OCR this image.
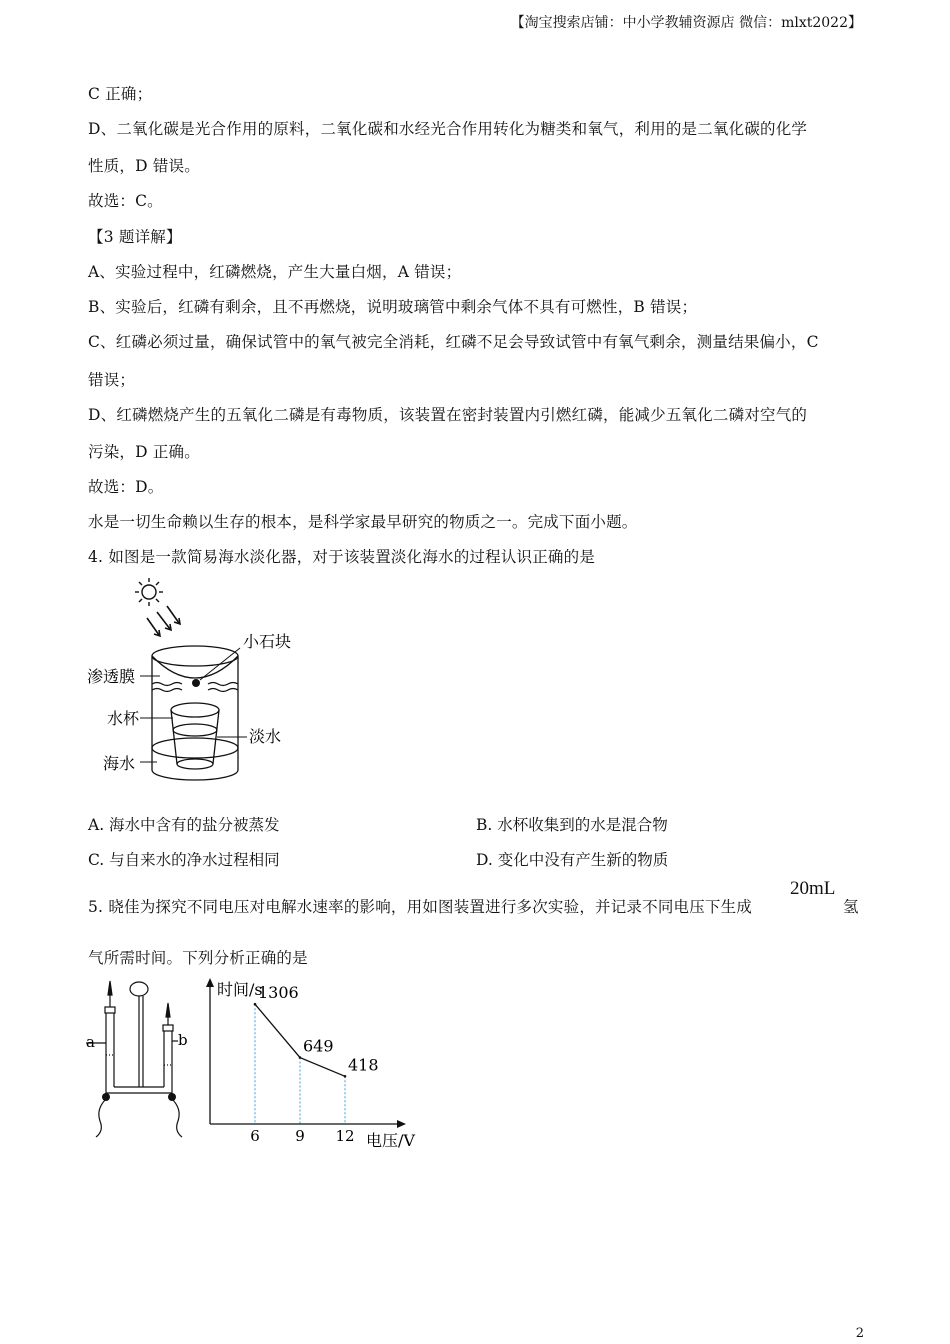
【淘宝搜索店铺：中小学教辅资源店 微信：mlxt2022】
C 正确；
D、二氧化碳是光合作用的原料，二氧化碳和水经光合作用转化为糖类和氧气，利用的是二氧化碳的化学
性质，D 错误。
故选：C。
【3 题详解】
A、实验过程中，红磷燃烧，产生大量白烟，A 错误；
B、实验后，红磷有剩余，且不再燃烧，说明玻璃管中剩余气体不具有可燃性，B 错误；
C、红磷必须过量，确保试管中的氧气被完全消耗，红磷不足会导致试管中有氧气剩余，测量结果偏小，C
错误；
D、红磷燃烧产生的五氧化二磷是有毒物质，该装置在密封装置内引燃红磷，能减少五氧化二磷对空气的
污染，D 正确。
故选：D。
水是一切生命赖以生存的根本，是科学家最早研究的物质之一。完成下面小题。
4. 如图是一款简易海水淡化器，对于该装置淡化海水的过程认识正确的是
小石块
渗透膜
水杯
淡水
海水
A. 海水中含有的盐分被蒸发	B. 水杯收集到的水是混合物
C. 与自来水的净水过程相同	D. 变化中没有产生新的物质
5. 晓佳为探究不同电压对电解水速率的影响，用如图装置进行多次实验，并记录不同电压下生成
20mL
氢
气所需时间。下列分析正确的是
a	b
时间/s
电压/V
1306
6
649
9
418
12
2
